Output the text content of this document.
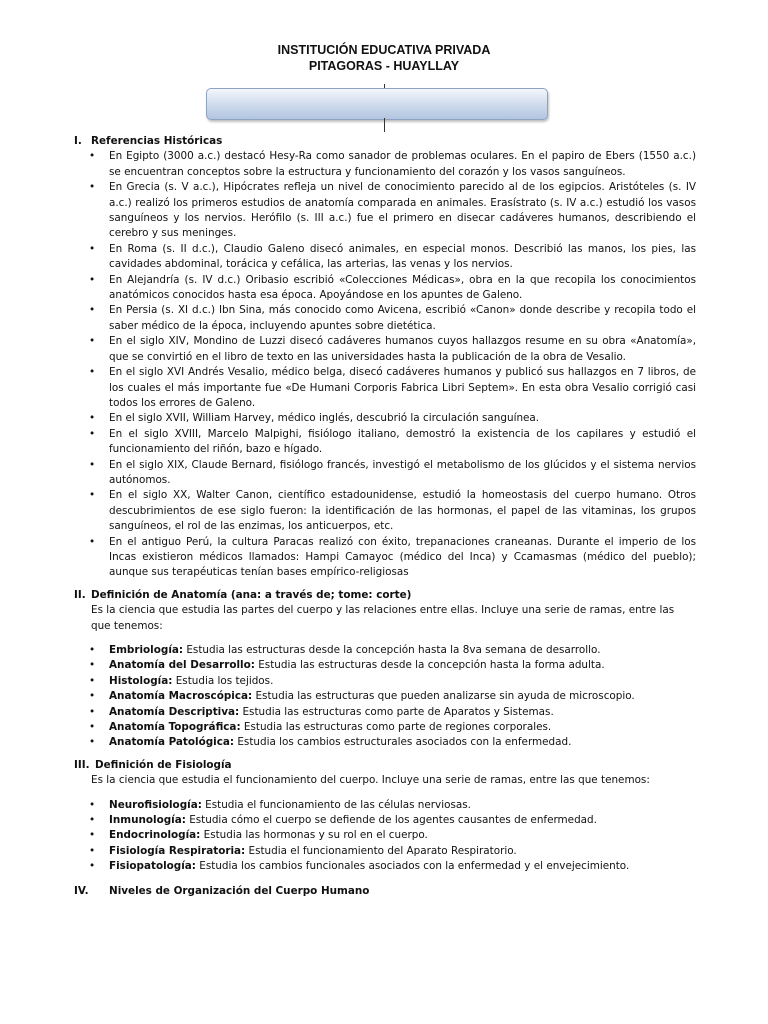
INSTITUCIÓN EDUCATIVA PRIVADA
PITAGORAS - HUAYLLAY

I. Referencias Históricas

• En Egipto (3000 a.c.) destacó Hesy-Ra como sanador de problemas oculares. En el papiro de Ebers (1550 a.c.) se encuentran conceptos sobre la estructura y funcionamiento del corazón y los vasos sanguíneos.
• En Grecia (s. V a.c.), Hipócrates refleja un nivel de conocimiento parecido al de los egipcios. Aristóteles (s. IV a.c.) realizó los primeros estudios de anatomía comparada en animales. Erasístrato (s. IV a.c.) estudió los vasos sanguíneos y los nervios. Herófilo (s. III a.c.) fue el primero en disecar cadáveres humanos, describiendo el cerebro y sus meninges.
• En Roma (s. II d.c.), Claudio Galeno disecó animales, en especial monos. Describió las manos, los pies, las cavidades abdominal, torácica y cefálica, las arterias, las venas y los nervios.
• En Alejandría (s. IV d.c.) Oribasio escribió «Colecciones Médicas», obra en la que recopila los conocimientos anatómicos conocidos hasta esa época. Apoyándose en los apuntes de Galeno.
• En Persia (s. XI d.c.) Ibn Sina, más conocido como Avicena, escribió «Canon» donde describe y recopila todo el saber médico de la época, incluyendo apuntes sobre dietética.
• En el siglo XIV, Mondino de Luzzi disecó cadáveres humanos cuyos hallazgos resume en su obra «Anatomía», que se convirtió en el libro de texto en las universidades hasta la publicación de la obra de Vesalio.
• En el siglo XVI Andrés Vesalio, médico belga, disecó cadáveres humanos y publicó sus hallazgos en 7 libros, de los cuales el más importante fue «De Humani Corporis Fabrica Libri Septem». En esta obra Vesalio corrigió casi todos los errores de Galeno.
• En el siglo XVII, William Harvey, médico inglés, descubrió la circulación sanguínea.
• En el siglo XVIII, Marcelo Malpighi, fisiólogo italiano, demostró la existencia de los capilares y estudió el funcionamiento del riñón, bazo e hígado.
• En el siglo XIX, Claude Bernard, fisiólogo francés, investigó el metabolismo de los glúcidos y el sistema nervios autónomos.
• En el siglo XX, Walter Canon, científico estadounidense, estudió la homeostasis del cuerpo humano. Otros descubrimientos de ese siglo fueron: la identificación de las hormonas, el papel de las vitaminas, los grupos sanguíneos, el rol de las enzimas, los anticuerpos, etc.
• En el antiguo Perú, la cultura Paracas realizó con éxito, trepanaciones craneanas. Durante el imperio de los Incas existieron médicos llamados: Hampi Camayoc (médico del Inca) y Ccamasmas (médico del pueblo); aunque sus terapéuticas tenían bases empírico-religiosas

II. Definición de Anatomía (ana: a través de; tome: corte)

Es la ciencia que estudia las partes del cuerpo y las relaciones entre ellas. Incluye una serie de ramas, entre las que tenemos:

• Embriología: Estudia las estructuras desde la concepción hasta la 8va semana de desarrollo.
• Anatomía del Desarrollo: Estudia las estructuras desde la concepción hasta la forma adulta.
• Histología: Estudia los tejidos.
• Anatomía Macroscópica: Estudia las estructuras que pueden analizarse sin ayuda de microscopio.
• Anatomía Descriptiva: Estudia las estructuras como parte de Aparatos y Sistemas.
• Anatomía Topográfica: Estudia las estructuras como parte de regiones corporales.
• Anatomía Patológica: Estudia los cambios estructurales asociados con la enfermedad.

III. Definición de Fisiología

Es la ciencia que estudia el funcionamiento del cuerpo. Incluye una serie de ramas, entre las que tenemos:

• Neurofisiología: Estudia el funcionamiento de las células nerviosas.
• Inmunología: Estudia cómo el cuerpo se defiende de los agentes causantes de enfermedad.
• Endocrinología: Estudia las hormonas y su rol en el cuerpo.
• Fisiología Respiratoria: Estudia el funcionamiento del Aparato Respiratorio.
• Fisiopatología: Estudia los cambios funcionales asociados con la enfermedad y el envejecimiento.

IV. Niveles de Organización del Cuerpo Humano
